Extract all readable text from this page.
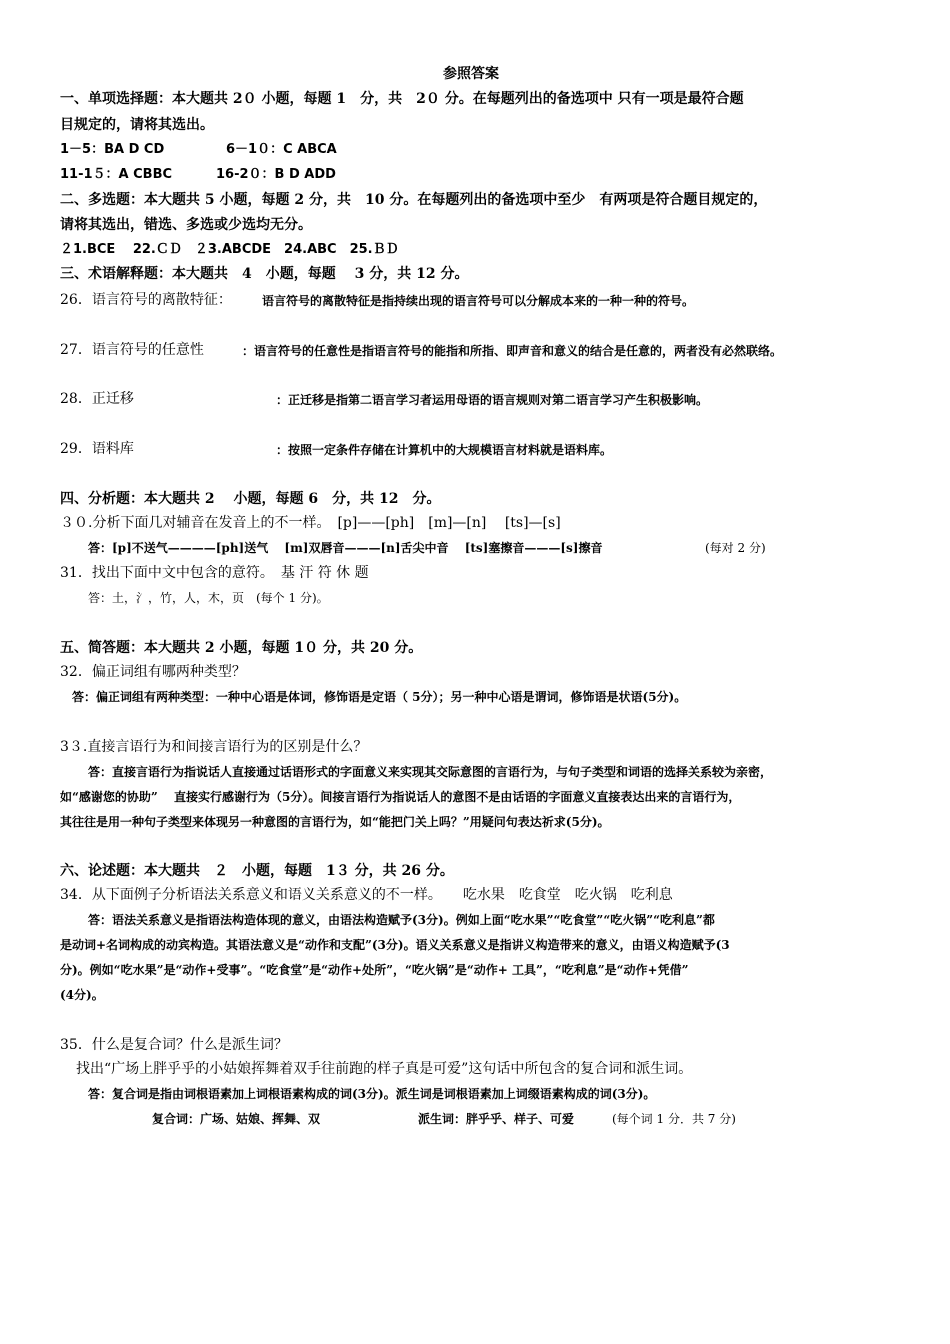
参照答案
一、单项选择题：本大题共 2０ 小题，每题 1　分，共　2０ 分。在每题列出的备选项中 只有一项是最符合题
目规定的，请将其选出。
1－5：BA D CD	6－1０：C ABCA
11-1５：A CBBC	16-2０：B D ADD
二、多选题：本大题共 5 小题，每题 2 分，共　10 分。在每题列出的备选项中至少　有两项是符合题目规定的，
请将其选出，错选、多选或少选均无分。
２1.BCE　 22.ＣＤ　２3.ABCDE　24.ABC　25.ＢＤ
三、术语解释题：本大题共　4　小题，每题　 3 分，共 12 分。
26．语言符号的离散特征：	语言符号的离散特征是指持续出现的语言符号可以分解成本来的一种一种的符号。
27．语言符号的任意性	：语言符号的任意性是指语言符号的能指和所指、即声音和意义的结合是任意的，两者没有必然联络。
28．正迁移	：正迁移是指第二语言学习者运用母语的语言规则对第二语言学习产生积极影响。
29．语料库	：按照一定条件存储在计算机中的大规模语言材料就是语料库。
四、分析题：本大题共 2　 小题，每题 6　分，共 12　分。
３０.分析下面几对辅音在发音上的不一样。　[p]——[ph]　[m]—[n]　 [ts]—[s]
答：[p]不送气————[ph]送气　 [m]双唇音———[n]舌尖中音　 [ts]塞擦音———[s]擦音	(每对 2 分)
31．找出下面中文中包含的意符。　基 汗 符 休 题
答：土，氵，竹，人，木，页　(每个 1 分)。
五、简答题：本大题共 2 小题，每题 1０ 分，共 20 分。
32．偏正词组有哪两种类型？
答：偏正词组有两种类型：一种中心语是体词，修饰语是定语（ 5分）；另一种中心语是谓词，修饰语是状语(5分)。
3３.直接言语行为和间接言语行为的区别是什么？
答：直接言语行为指说话人直接通过话语形式的字面意义来实现其交际意图的言语行为，与句子类型和词语的选择关系较为亲密，
如“感谢您的协助”　 直接实行感谢行为（5分）。间接言语行为指说话人的意图不是由话语的字面意义直接表达出来的言语行为，
其往往是用一种句子类型来体现另一种意图的言语行为，如“能把门关上吗？”用疑问句表达祈求(5分)。
六、论述题：本大题共　２　小题，每题　1３ 分，共 26 分。
34．从下面例子分析语法关系意义和语义关系意义的不一样。　　吃水果　吃食堂　吃火锅　吃利息
答：语法关系意义是指语法构造体现的意义，由语法构造赋予(3分)。例如上面“吃水果”“吃食堂”“吃火锅”“吃利息”都
是动词+名词构成的动宾构造。其语法意义是“动作和支配”(3分)。语义关系意义是指讲义构造带来的意义，由语义构造赋予(3
分)。例如“吃水果”是“动作+受事”。“吃食堂”是“动作+处所”，“吃火锅”是“动作+ 工具”，“吃利息”是“动作+凭借”
(4分)。
35．什么是复合词？什么是派生词？
找出“广场上胖乎乎的小姑娘挥舞着双手往前跑的样子真是可爱”这句话中所包含的复合词和派生词。
答：复合词是指由词根语素加上词根语素构成的词(3分)。派生词是词根语素加上词缀语素构成的词(3分)。
复合词：广场、姑娘、挥舞、双	派生词：胖乎乎、样子、可爱	(每个词 1 分．共 7 分)
